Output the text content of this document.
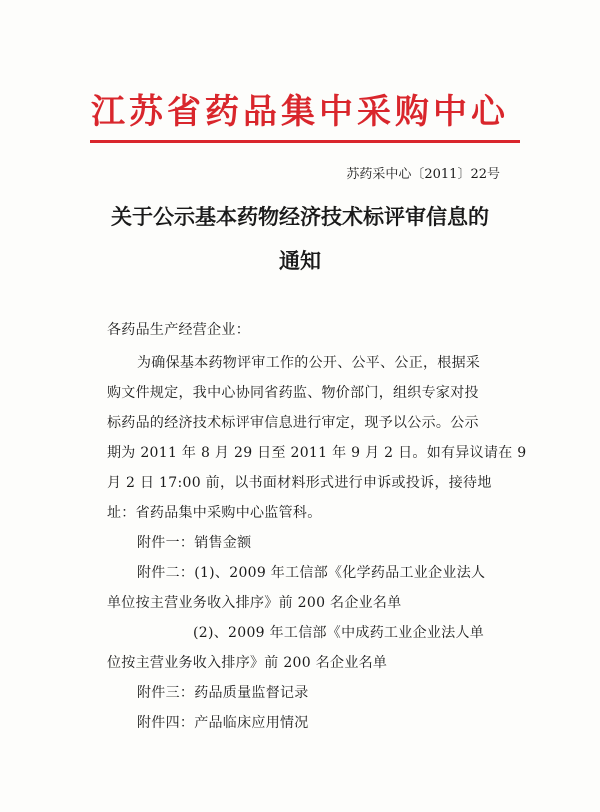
江苏省药品集中采购中心
苏药采中心〔2011〕22号
关于公示基本药物经济技术标评审信息的
通知
各药品生产经营企业：
为确保基本药物评审工作的公开、公平、公正，根据采
购文件规定，我中心协同省药监、物价部门，组织专家对投
标药品的经济技术标评审信息进行审定，现予以公示。公示
期为 2011 年 8 月 29 日至 2011 年 9 月 2 日。如有异议请在 9
月 2 日 17:00 前，以书面材料形式进行申诉或投诉，接待地
址：省药品集中采购中心监管科。
附件一：销售金额
附件二：(1)、2009 年工信部《化学药品工业企业法人
单位按主营业务收入排序》前 200 名企业名单
(2)、2009 年工信部《中成药工业企业法人单
位按主营业务收入排序》前 200 名企业名单
附件三：药品质量监督记录
附件四：产品临床应用情况
